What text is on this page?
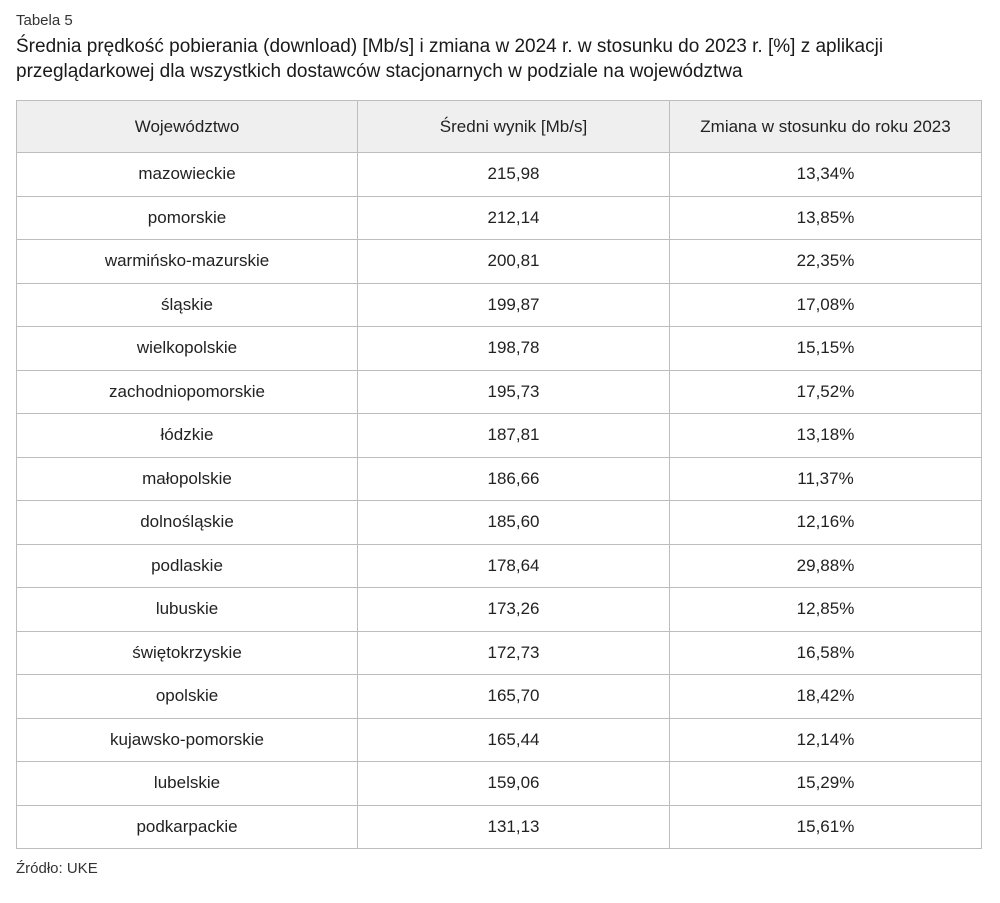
Tabela 5
Średnia prędkość pobierania (download) [Mb/s] i zmiana w 2024 r. w stosunku do 2023 r. [%] z aplikacji przeglądarkowej dla wszystkich dostawców stacjonarnych w podziale na województwa
Województwo	Średni wynik [Mb/s]	Zmiana w stosunku do roku 2023
mazowieckie	215,98	13,34%
pomorskie	212,14	13,85%
warmińsko-mazurskie	200,81	22,35%
śląskie	199,87	17,08%
wielkopolskie	198,78	15,15%
zachodniopomorskie	195,73	17,52%
łódzkie	187,81	13,18%
małopolskie	186,66	11,37%
dolnośląskie	185,60	12,16%
podlaskie	178,64	29,88%
lubuskie	173,26	12,85%
świętokrzyskie	172,73	16,58%
opolskie	165,70	18,42%
kujawsko-pomorskie	165,44	12,14%
lubelskie	159,06	15,29%
podkarpackie	131,13	15,61%
Źródło: UKE
